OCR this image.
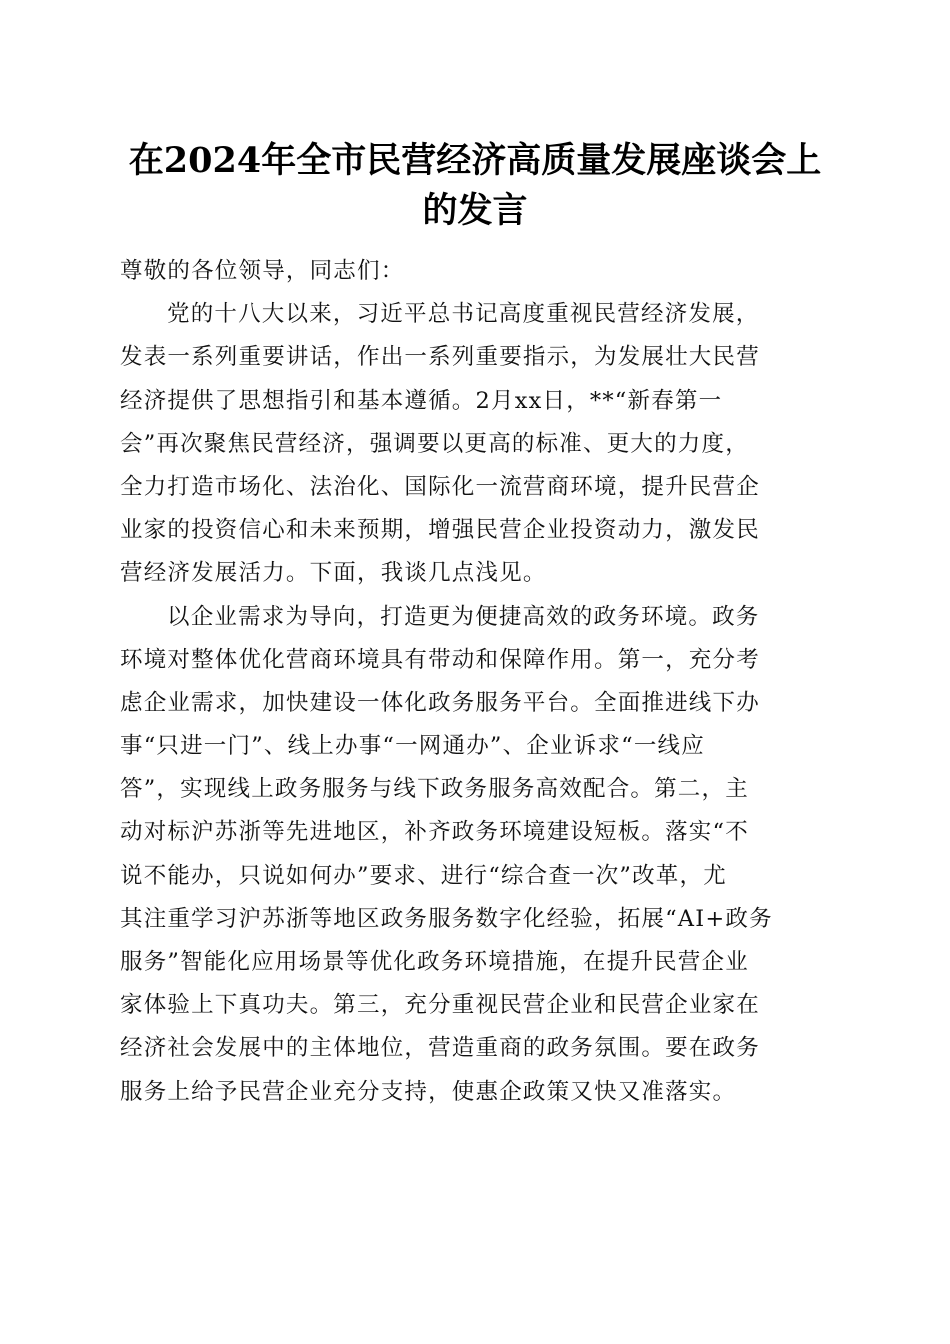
在2024年全市民营经济高质量发展座谈会上
的发言
尊敬的各位领导，同志们：
党的十八大以来，习近平总书记高度重视民营经济发展，
发表一系列重要讲话，作出一系列重要指示，为发展壮大民营
经济提供了思想指引和基本遵循。2月xx日，**“新春第一
会”再次聚焦民营经济，强调要以更高的标准、更大的力度，
全力打造市场化、法治化、国际化一流营商环境，提升民营企
业家的投资信心和未来预期，增强民营企业投资动力，激发民
营经济发展活力。下面，我谈几点浅见。
以企业需求为导向，打造更为便捷高效的政务环境。政务
环境对整体优化营商环境具有带动和保障作用。第一，充分考
虑企业需求，加快建设一体化政务服务平台。全面推进线下办
事“只进一门”、线上办事“一网通办”、企业诉求“一线应
答”，实现线上政务服务与线下政务服务高效配合。第二，主
动对标沪苏浙等先进地区，补齐政务环境建设短板。落实“不
说不能办，只说如何办”要求、进行“综合查一次”改革，尤
其注重学习沪苏浙等地区政务服务数字化经验，拓展“AI+政务
服务”智能化应用场景等优化政务环境措施，在提升民营企业
家体验上下真功夫。第三，充分重视民营企业和民营企业家在
经济社会发展中的主体地位，营造重商的政务氛围。要在政务
服务上给予民营企业充分支持，使惠企政策又快又准落实。
